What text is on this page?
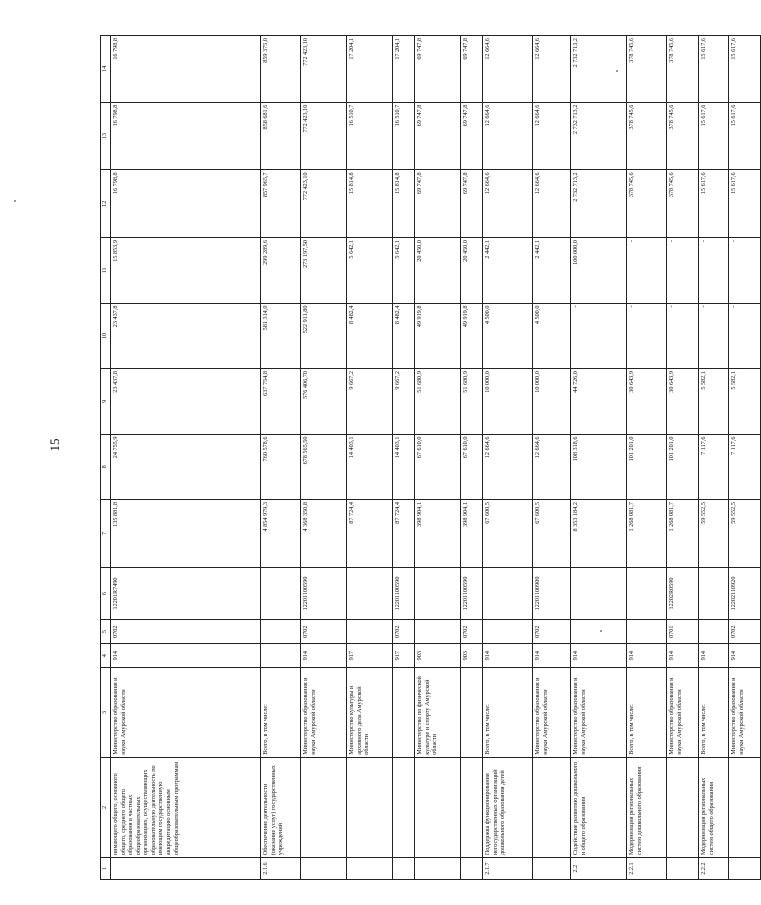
15
1	2	3	4	5	6	7	8	9	10	11	12	13	14
	нимающего общего, основного общего, среднего общего образования в частных общеобразовательных организациях, осуществляющих образовательную деятельность по имеющим государственную аккредитацию основным общеобразовательным программам	Министерство образования и науки Амурской области	914	0702	12201R7490	135 881,8	24 755,9	23 437,8	23 437,8	15 853,9	16 798,8	16 798,8	16 798,8
2.1.6	Обеспечение деятельности (оказание услуг) государственных учреждений	Всего, в том числе:				4 854 979,3	760 578,6	637 754,8	581 314,0	299 289,6	857 965,7	858 681,6	859 375,0
		Министерство образования и науки Амурской области	914	0702	12201100590	4 368 350,8	678 565,50	576 406,70	522 911,80	273 197,50	772 423,10	772 423,10	772 423,10
		Министерство культуры и архивного дела Амурской области	917			87 724,4	14 403,1	9 667,2	8 482,4	5 642,1	15 814,8	16 510,7	17 204,1
			917	0702	12201100590	87 724,4	14 403,1	9 667,2	8 482,4	5 642,1	15 814,8	16 510,7	17 204,1
		Министерство по физической культуре и спорту Амурской области	903			398 904,1	67 610,0	51 680,9	49 919,8	20 450,0	69 747,8	69 747,8	69 747,8
			903	0702	12201100590	398 904,1	67 610,0	51 680,9	49 919,8	20 450,0	69 747,8	69 747,8	69 747,8
2.1.7	Поддержка функционирования негосударственных организаций дошкольного образования детей	Всего, в том числе:	914			67 600,5	12 664,6	10 000,0	4 500,0	2 442,1	12 664,6	12 664,6	12 664,6
		Министерство образования и науки Амурской области	914	0702	12201100900	67 600,5	12 664,6	10 000,0	4 500,0	2 442,1	12 664,6	12 664,6	12 664,6
2.2	Содействие развитию дошкольного и общего образования	Министерство образования и науки Амурской области	914			8 353 184,2	108 318,6	44 726,0	-	100 000,0	2 732 713,2	2 732 713,2	2 732 713,2
2.2.1	Модернизация региональных систем дошкольного образования	Всего, в том числе:	914			1 268 081,7	101 201,0	30 643,9	-	-	378 745,6	378 745,6	378 745,6
		Министерство образования и науки Амурской области	914	0701	12202R0590	1 268 081,7	101 201,0	30 643,9	-	-	378 745,6	378 745,6	378 745,6
2.2.2	Модернизация региональных систем общего образования	Всего, в том числе:	914			59 552,5	7 117,6	5 582,1	-	-	15 617,6	15 617,6	15 617,6
		Министерство образования и науки Амурской области	914	0702	12202110920	59 552,5	7 117,6	5 582,1	-	-	15 617,6	15 617,6	15 617,6
